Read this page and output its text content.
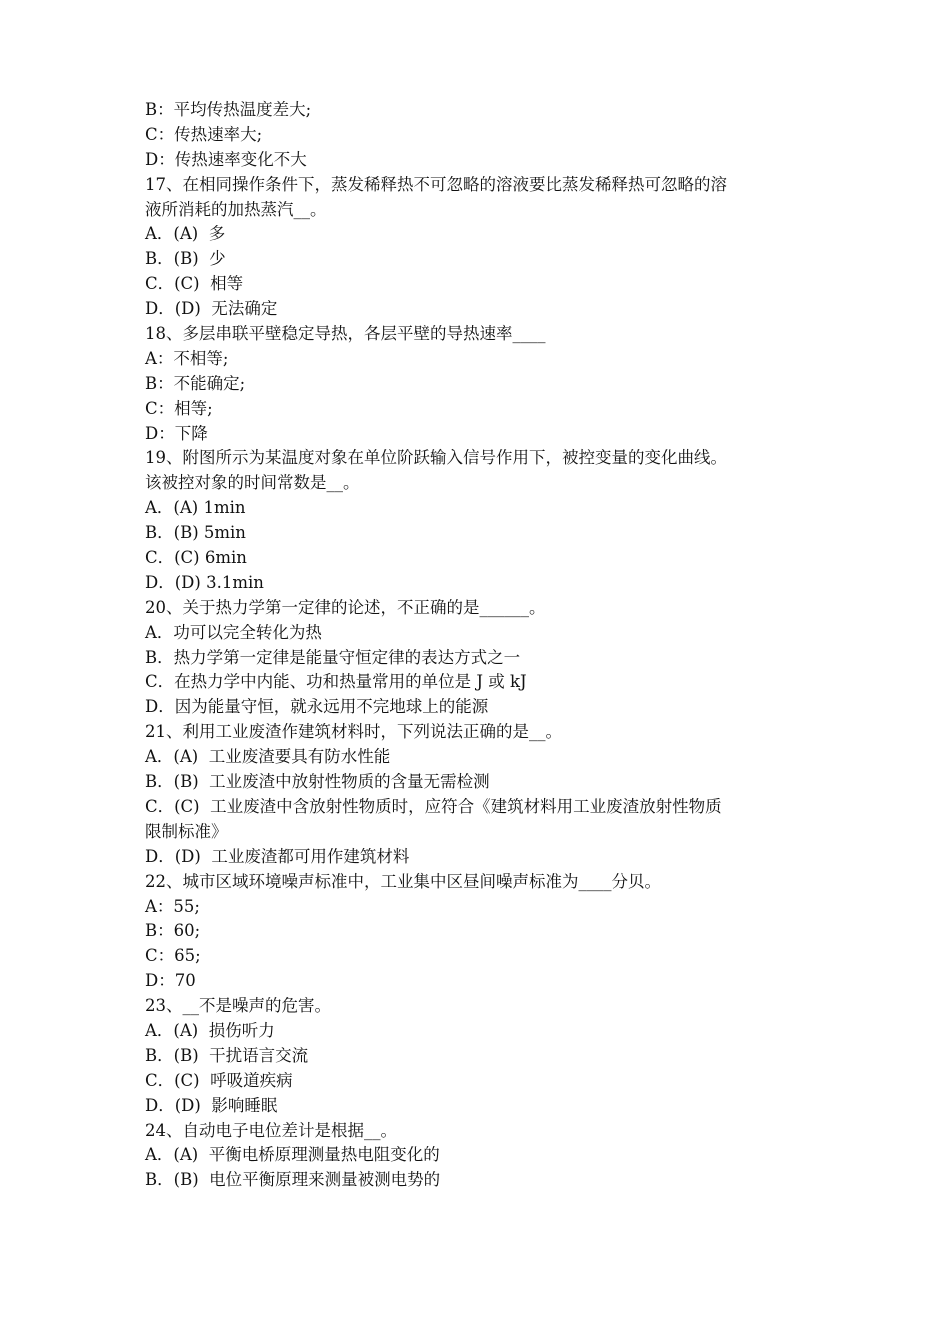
B：平均传热温度差大;
C：传热速率大;
D：传热速率变化不大
17、在相同操作条件下，蒸发稀释热不可忽略的溶液要比蒸发稀释热可忽略的溶
液所消耗的加热蒸汽__。
A．(A)  多
B．(B)  少
C．(C)  相等
D．(D)  无法确定
18、多层串联平壁稳定导热，各层平壁的导热速率____
A：不相等;
B：不能确定;
C：相等;
D：下降
19、附图所示为某温度对象在单位阶跃输入信号作用下，被控变量的变化曲线。
该被控对象的时间常数是__。
A．(A) 1min
B．(B) 5min
C．(C) 6min
D．(D) 3.1min
20、关于热力学第一定律的论述，不正确的是______。
A．功可以完全转化为热
B．热力学第一定律是能量守恒定律的表达方式之一
C．在热力学中内能、功和热量常用的单位是 J 或 kJ
D．因为能量守恒，就永远用不完地球上的能源
21、利用工业废渣作建筑材料时，下列说法正确的是__。
A．(A)  工业废渣要具有防水性能
B．(B)  工业废渣中放射性物质的含量无需检测
C．(C)  工业废渣中含放射性物质时，应符合《建筑材料用工业废渣放射性物质
限制标准》
D．(D)  工业废渣都可用作建筑材料
22、城市区域环境噪声标准中，工业集中区昼间噪声标准为____分贝。
A：55;
B：60;
C：65;
D：70
23、__不是噪声的危害。
A．(A)  损伤听力
B．(B)  干扰语言交流
C．(C)  呼吸道疾病
D．(D)  影响睡眠
24、自动电子电位差计是根据__。
A．(A)  平衡电桥原理测量热电阻变化的
B．(B)  电位平衡原理来测量被测电势的
